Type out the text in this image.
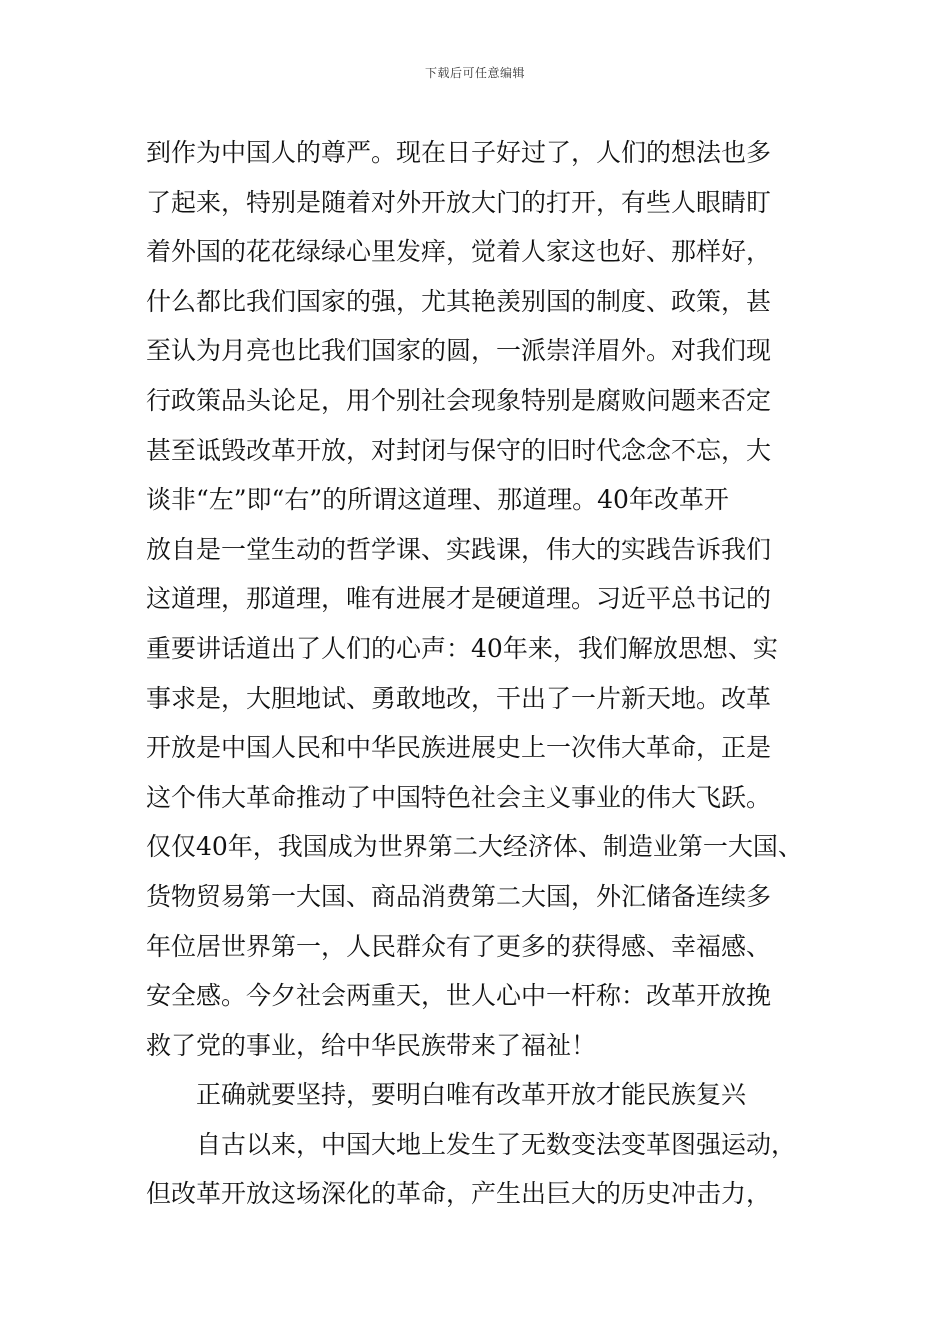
下载后可任意编辑
到作为中国人的尊严。现在日子好过了，人们的想法也多
了起来，特别是随着对外开放大门的打开，有些人眼睛盯
着外国的花花绿绿心里发痒，觉着人家这也好、那样好，
什么都比我们国家的强，尤其艳羡别国的制度、政策，甚
至认为月亮也比我们国家的圆，一派崇洋眉外。对我们现
行政策品头论足，用个别社会现象特别是腐败问题来否定
甚至诋毁改革开放，对封闭与保守的旧时代念念不忘，大
谈非“左”即“右”的所谓这道理、那道理。40年改革开
放自是一堂生动的哲学课、实践课，伟大的实践告诉我们
这道理，那道理，唯有进展才是硬道理。习近平总书记的
重要讲话道出了人们的心声：40年来，我们解放思想、实
事求是，大胆地试、勇敢地改，干出了一片新天地。改革
开放是中国人民和中华民族进展史上一次伟大革命，正是
这个伟大革命推动了中国特色社会主义事业的伟大飞跃。
仅仅40年，我国成为世界第二大经济体、制造业第一大国、
货物贸易第一大国、商品消费第二大国，外汇储备连续多
年位居世界第一，人民群众有了更多的获得感、幸福感、
安全感。今夕社会两重天，世人心中一杆称：改革开放挽
救了党的事业，给中华民族带来了福祉！
正确就要坚持，要明白唯有改革开放才能民族复兴
自古以来，中国大地上发生了无数变法变革图强运动，
但改革开放这场深化的革命，产生出巨大的历史冲击力，
